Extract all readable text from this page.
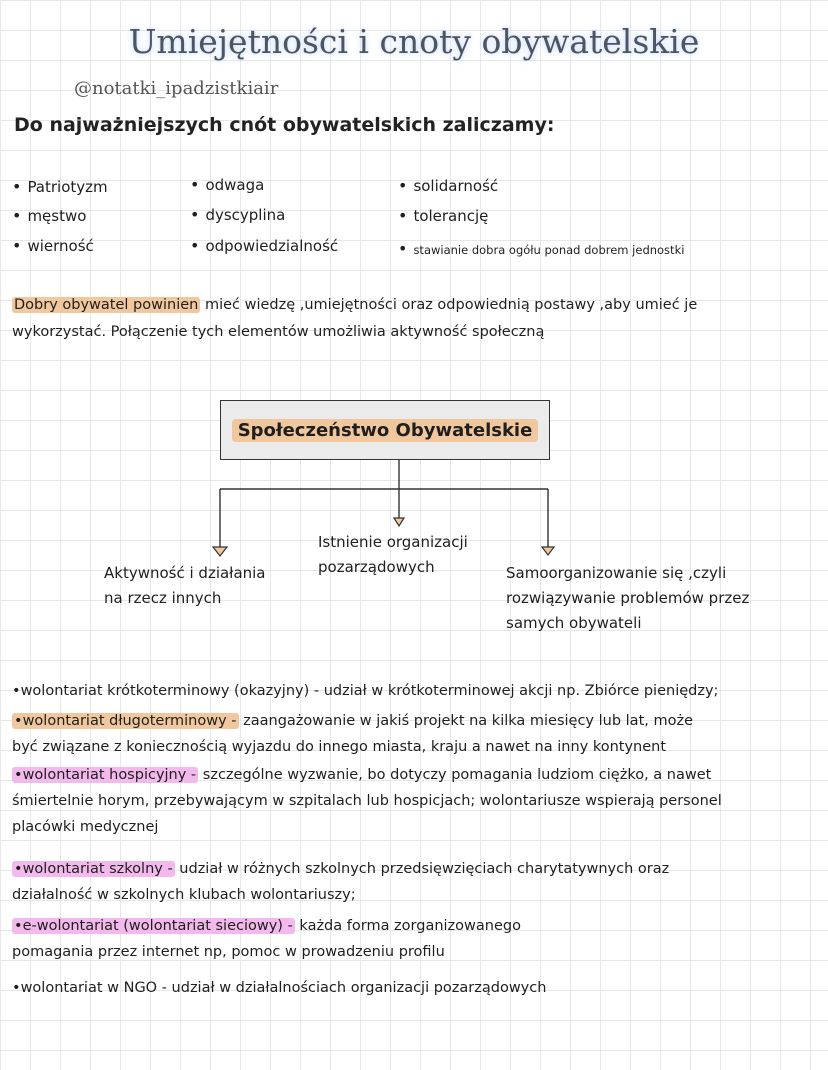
Umiejętności i cnoty obywatelskie
@notatki_ipadzistkiair
Do najważniejszych cnót obywatelskich zaliczamy:
• Patriotyzm
• męstwo
• wierność
• odwaga
• dyscyplina
• odpowiedzialność
• solidarność
• tolerancję
• stawianie dobra ogółu ponad dobrem jednostki
Dobry obywatel powinien mieć wiedzę ,umiejętności oraz odpowiednią postawy ,aby umieć je
wykorzystać. Połączenie tych elementów umożliwia aktywność społeczną
Społeczeństwo Obywatelskie
Aktywność i działania
na rzecz innych
Istnienie organizacji
pozarządowych	Samoorganizowanie się ,czyli
rozwiązywanie problemów przez
samych obywateli
• wolontariat krótkoterminowy (okazyjny) - udział w krótkoterminowej akcji np. Zbiórce pieniędzy;
• wolontariat długoterminowy - zaangażowanie w jakiś projekt na kilka miesięcy lub lat, może
być związane z koniecznością wyjazdu do innego miasta, kraju a nawet na inny kontynent
• wolontariat hospicyjny - szczególne wyzwanie, bo dotyczy pomagania ludziom ciężko, a nawet
śmiertelnie horym, przebywającym w szpitalach lub hospicjach; wolontariusze wspierają personel
placówki medycznej
• wolontariat szkolny - udział w różnych szkolnych przedsięwzięciach charytatywnych oraz
działalność w szkolnych klubach wolontariuszy;
• e-wolontariat (wolontariat sieciowy) - każda forma zorganizowanego
pomagania przez internet np, pomoc w prowadzeniu profilu
• wolontariat w NGO - udział w działalnościach organizacji pozarządowych
